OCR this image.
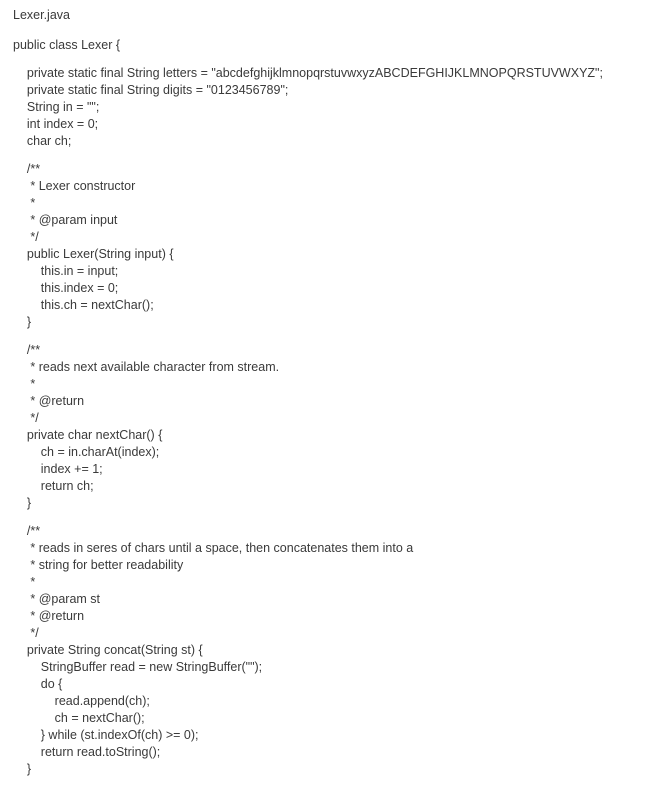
Lexer.java
public class Lexer {
private static final String letters = "abcdefghijklmnopqrstuvwxyzABCDEFGHIJKLMNOPQRSTUVWXYZ";
private static final String digits = "0123456789";
String in = "";
int index = 0;
char ch;
/**
* Lexer constructor
*
* @param input
*/
public Lexer(String input) {
this.in = input;
this.index = 0;
this.ch = nextChar();
}
/**
* reads next available character from stream.
*
* @return
*/
private char nextChar() {
ch = in.charAt(index);
index += 1;
return ch;
}
/**
* reads in seres of chars until a space, then concatenates them into a
* string for better readability
*
* @param st
* @return
*/
private String concat(String st) {
StringBuffer read = new StringBuffer("");
do {
read.append(ch);
ch = nextChar();
} while (st.indexOf(ch) >= 0);
return read.toString();
}
